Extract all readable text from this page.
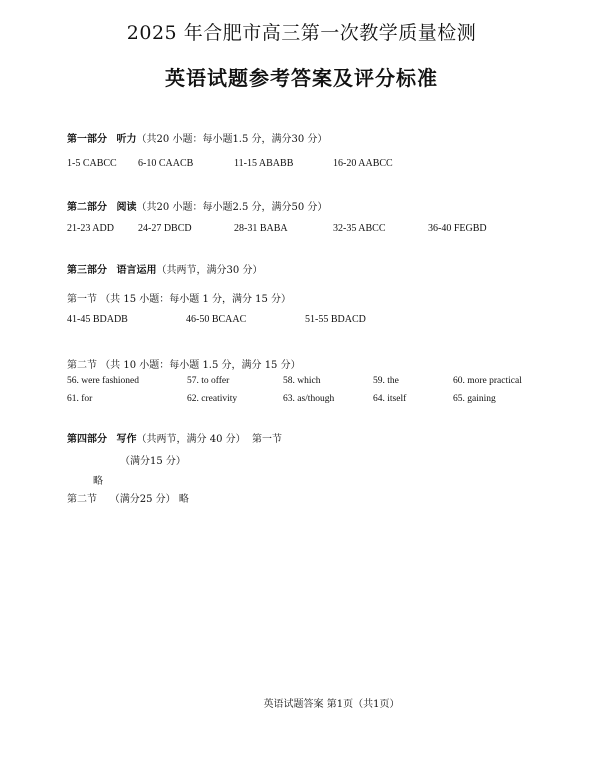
2025 年合肥市高三第一次教学质量检测
英语试题参考答案及评分标准
第一部分 听力（共20 小题：每小题1.5 分，满分30 分）
1-5 CABCC 6-10 CAACB	11-15 ABABB	16-20 AABCC
第二部分 阅读（共20 小题：每小题2.5 分，满分50 分）
21-23 ADD 24-27 DBCD	28-31 BABA	32-35 ABCC	36-40 FEGBD
第三部分 语言运用（共两节，满分30 分）
第一节 （共 15 小题：每小题 1 分，满分 15 分）
41-45 BDADB	46-50 BCAAC	51-55 BDACD
第二节 （共 10 小题：每小题 1.5 分，满分 15 分）
56. were fashioned	57. to offer	58. which	59. the	60. more practical
61. for	62. creativity	63. as/though	64. itself	65. gaining
第四部分 写作（共两节，满分 40 分） 第一节
（满分15 分）
略
第二节 （满分25 分） 略
英语试题答案 第1页（共1页）
